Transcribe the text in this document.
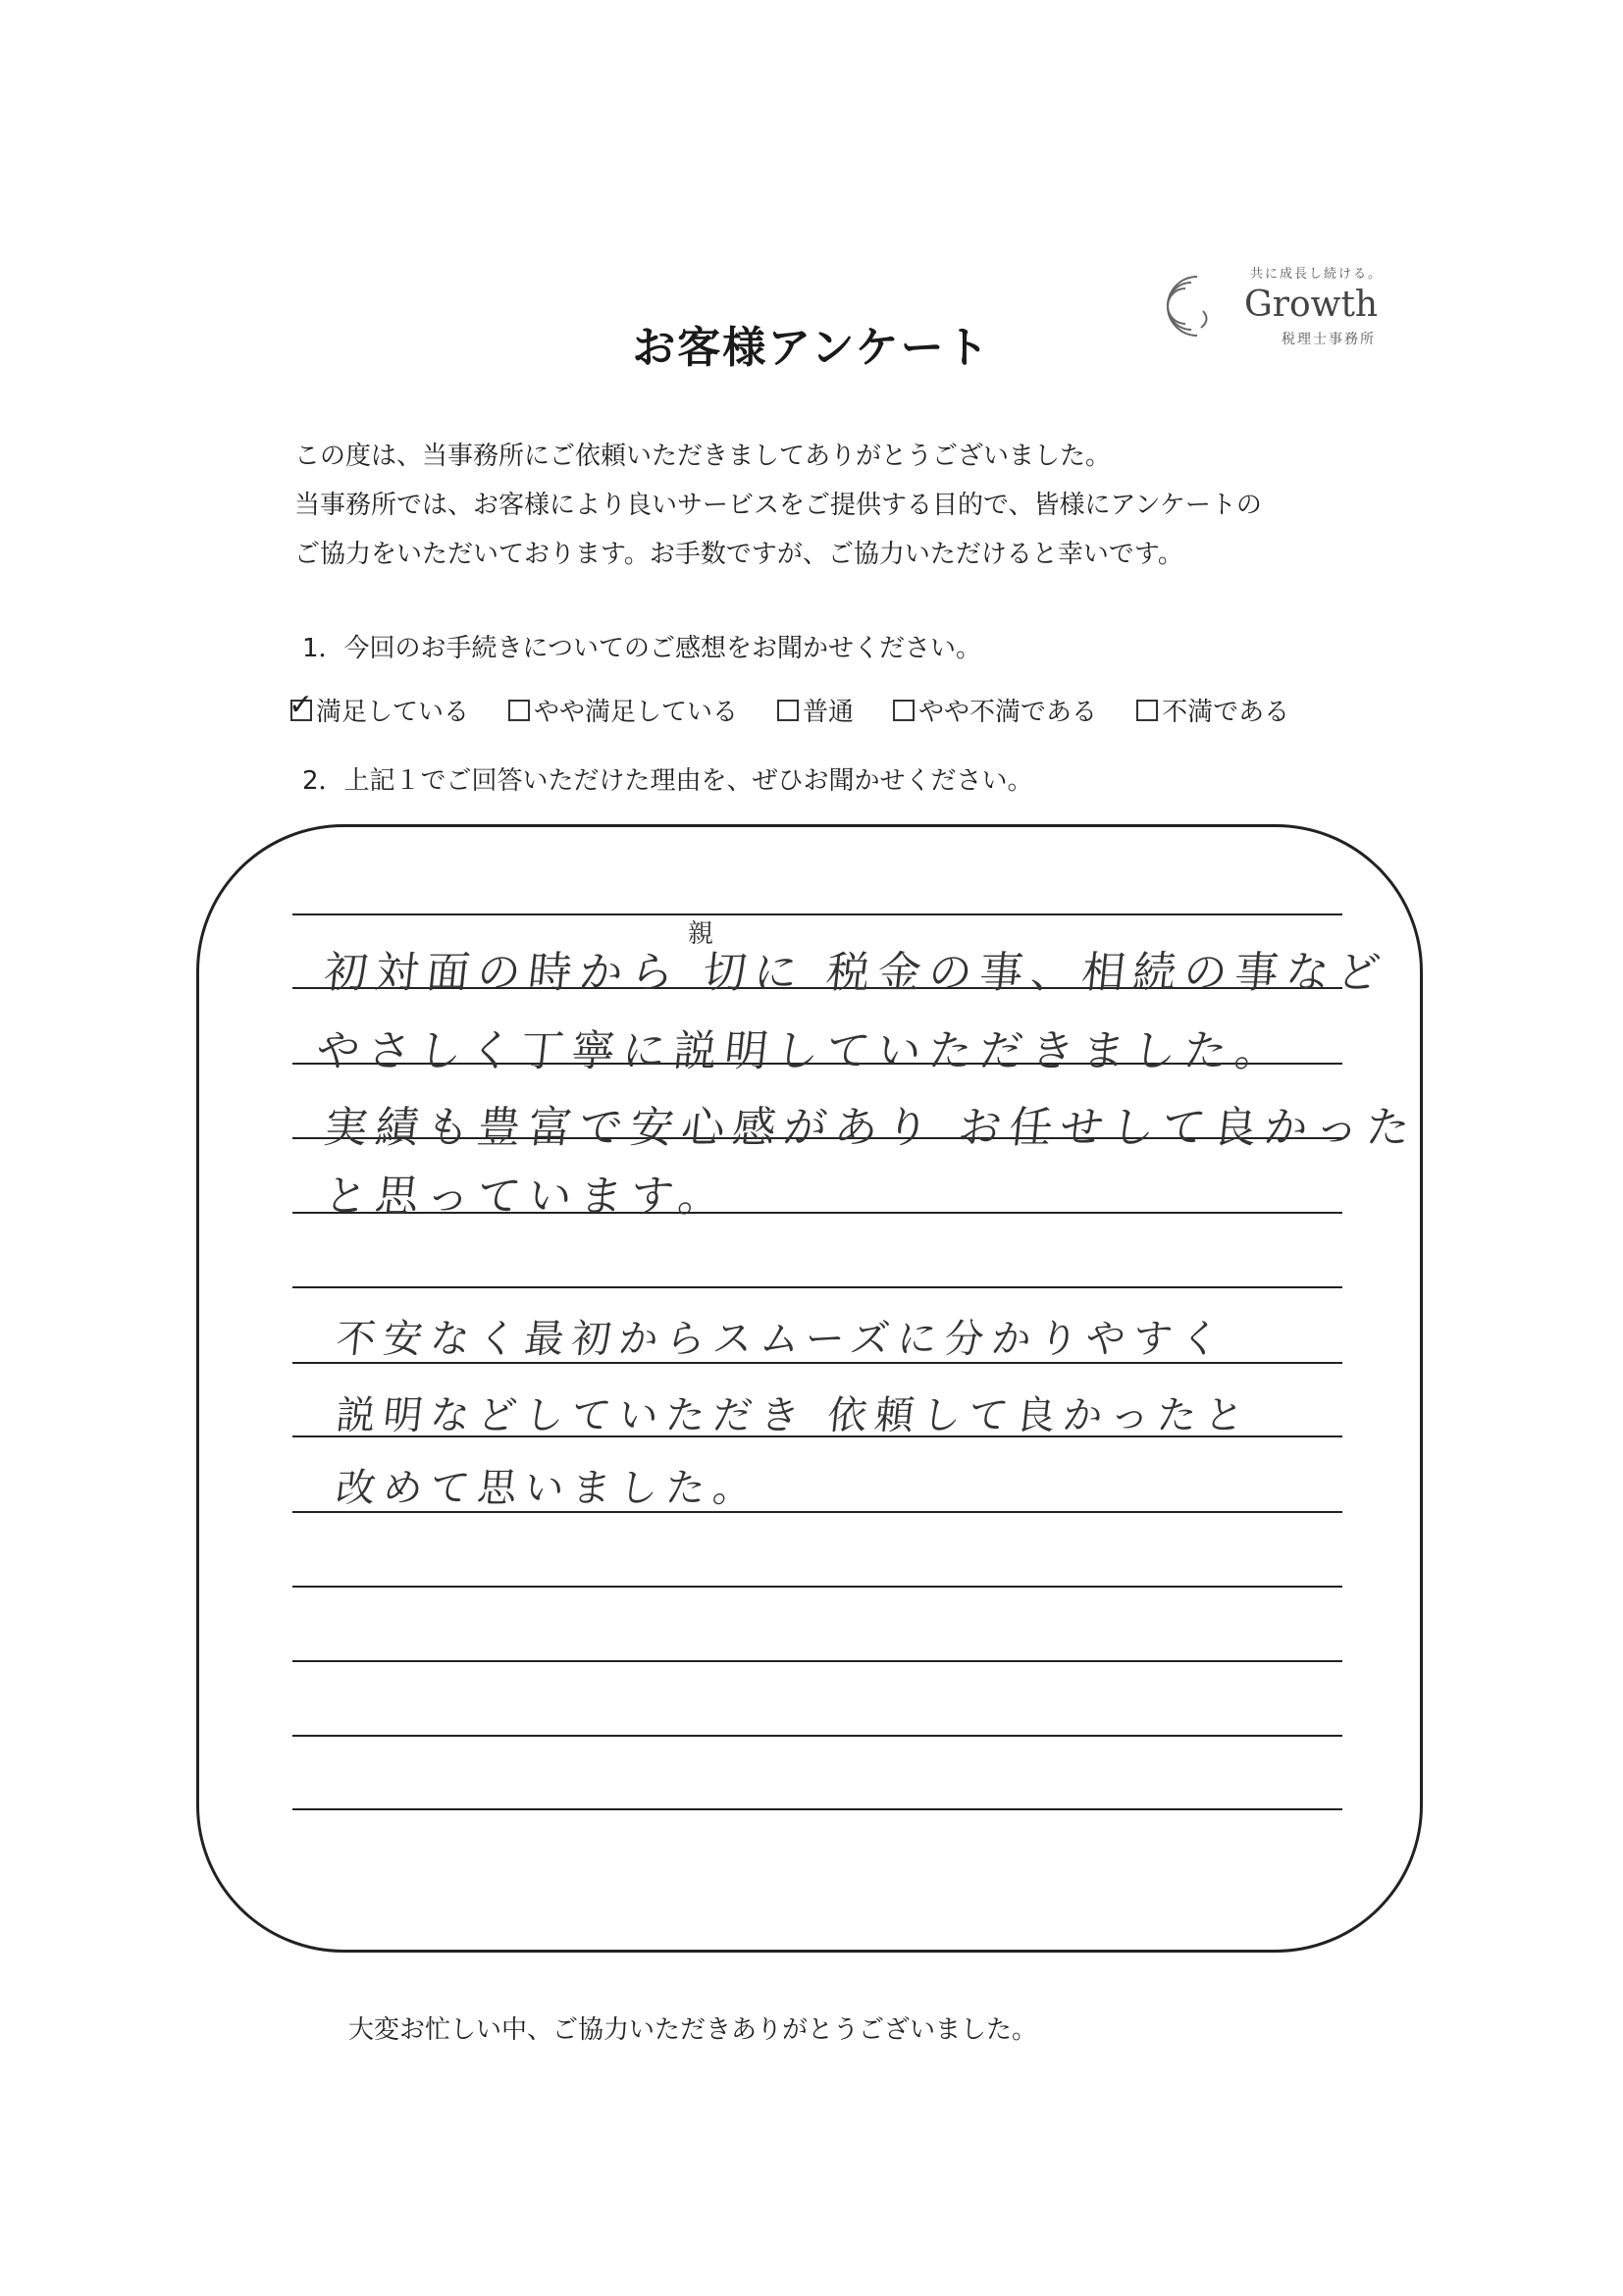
お客様アンケート
共に成長し続ける。
Growth
税理士事務所
この度は、当事務所にご依頼いただきましてありがとうございました。
当事務所では、お客様により良いサービスをご提供する目的で、皆様にアンケートの
ご協力をいただいております。お手数ですが、ご協力いただけると幸いです。
1．今回のお手続きについてのご感想をお聞かせください。
✓ 満足している	やや満足している	普通	やや不満である	不満である
2．上記１でご回答いただけた理由を、ぜひお聞かせください。
親
初対面の時から 切に 税金の事、相続の事など
やさしく丁寧に説明していただきました。
実績も豊富で安心感があり お任せして良かった
と思っています。
不安なく最初からスムーズに分かりやすく
説明などしていただき 依頼して良かったと
改めて思いました。
大変お忙しい中、ご協力いただきありがとうございました。
